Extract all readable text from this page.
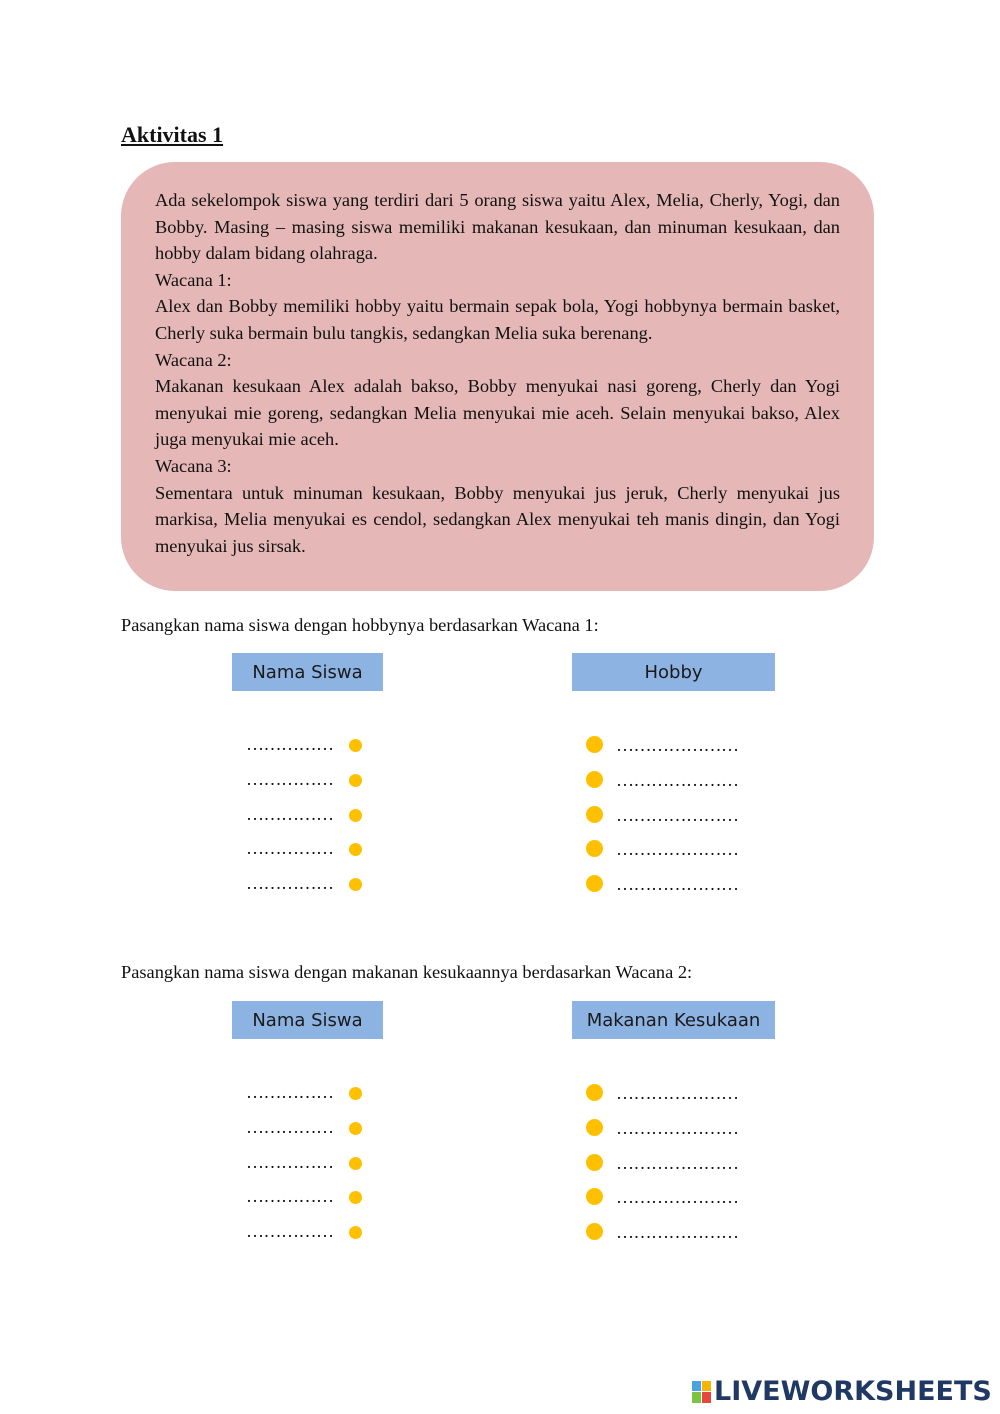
Aktivitas 1

Ada sekelompok siswa yang terdiri dari 5 orang siswa yaitu Alex, Melia, Cherly, Yogi, dan Bobby. Masing – masing siswa memiliki makanan kesukaan, dan minuman kesukaan, dan hobby dalam bidang olahraga.

Wacana 1:

Alex dan Bobby memiliki hobby yaitu bermain sepak bola, Yogi hobbynya bermain basket, Cherly suka bermain bulu tangkis, sedangkan Melia suka berenang.

Wacana 2:

Makanan kesukaan Alex adalah bakso, Bobby menyukai nasi goreng, Cherly dan Yogi menyukai mie goreng, sedangkan Melia menyukai mie aceh. Selain menyukai bakso, Alex juga menyukai mie aceh.

Wacana 3:

Sementara untuk minuman kesukaan, Bobby menyukai jus jeruk, Cherly menyukai jus markisa, Melia menyukai es cendol, sedangkan Alex menyukai teh manis dingin, dan Yogi menyukai jus sirsak.

Pasangkan nama siswa dengan hobbynya berdasarkan Wacana 1:

Nama Siswa	Hobby
……………	…………………
……………	…………………
……………	…………………
……………	…………………
……………	…………………

Pasangkan nama siswa dengan makanan kesukaannya berdasarkan Wacana 2:

Nama Siswa	Makanan Kesukaan
……………	…………………
……………	…………………
……………	…………………
……………	…………………
……………	…………………
LIVEWORKSHEETS
